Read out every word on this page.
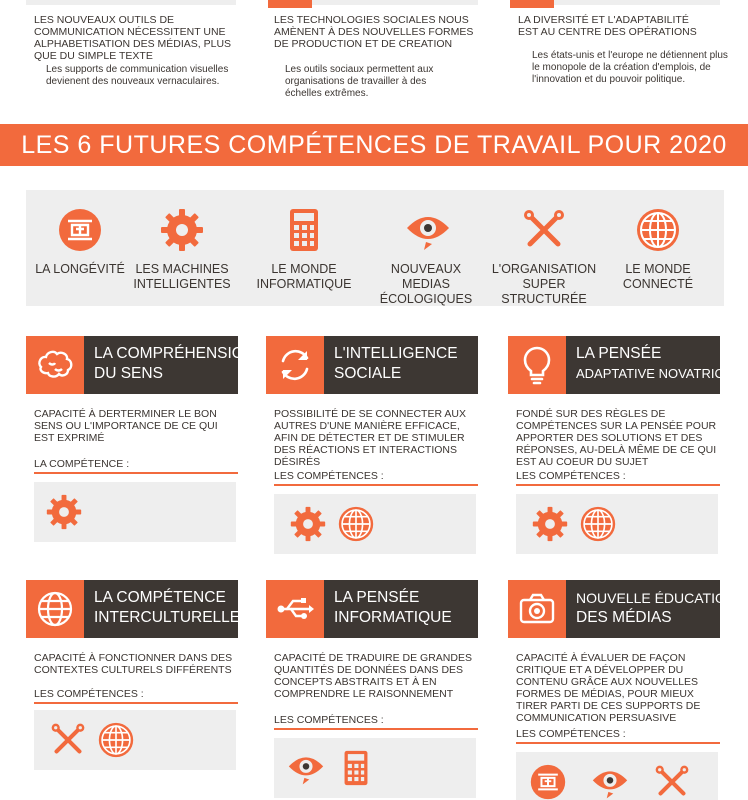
LES NOUVEAUX OUTILS DE COMMUNICATION NÉCESSITENT UNE ALPHABETISATION DES MÉDIAS, PLUS QUE DU SIMPLE TEXTE
Les supports de communication visuelles devienent des nouveaux vernaculaires.
LES TECHNOLOGIES SOCIALES NOUS AMÈNENT À DES NOUVELLES FORMES DE PRODUCTION ET DE CREATION
Les outils sociaux permettent aux organisations de travailler à des échelles extrêmes.
LA DIVERSITÉ ET L'ADAPTABILITÉ EST AU CENTRE DES OPÉRATIONS
Les états-unis et l'europe ne détiennent plus le monopole de la création d'emplois, de l'innovation et du pouvoir politique.
LES 6 FUTURES COMPÉTENCES DE TRAVAIL POUR 2020
LA LONGÉVITÉ LES MACHINES
INTELLIGENTES
LE MONDE
INFORMATIQUE
NOUVEAUX MEDIAS
ÉCOLOGIQUES
L'ORGANISATION
SUPER STRUCTURÉE
LE MONDE
CONNECTÉ
LA COMPRÉHENSION
DU SENS
CAPACITÉ À DERTERMINER LE BON SENS OU L'IMPORTANCE DE CE QUI EST EXPRIMÉ
LA COMPÉTENCE :
L'INTELLIGENCE
SOCIALE
POSSIBILITÉ DE SE CONNECTER AUX AUTRES D'UNE MANIÈRE EFFICACE, AFIN DE DÉTECTER ET DE STIMULER DES RÉACTIONS ET INTERACTIONS DÉSIRÉS
LES COMPÉTENCES :
LA PENSÉE
ADAPTATIVE NOVATRICE
FONDÉ SUR DES RÈGLES DE COMPÉTENCES SUR LA PENSÉE POUR APPORTER DES SOLUTIONS ET DES RÉPONSES, AU-DELÀ MÊME DE CE QUI EST AU COEUR DU SUJET
LES COMPÉTENCES :
LA COMPÉTENCE
INTERCULTURELLE
CAPACITÉ À FONCTIONNER DANS DES CONTEXTES CULTURELS DIFFÉRENTS
LES COMPÉTENCES :
LA PENSÉE
INFORMATIQUE
CAPACITÉ DE TRADUIRE DE GRANDES QUANTITÉS DE DONNÉES DANS DES CONCEPTS ABSTRAITS ET À EN COMPRENDRE LE RAISONNEMENT
LES COMPÉTENCES :
NOUVELLE ÉDUCATION
DES MÉDIAS
CAPACITÉ À ÉVALUER DE FAÇON CRITIQUE ET A DÉVELOPPER DU CONTENU GRÂCE AUX NOUVELLES FORMES DE MÉDIAS, POUR MIEUX TIRER PARTI DE CES SUPPORTS DE COMMUNICATION PERSUASIVE
LES COMPÉTENCES :
